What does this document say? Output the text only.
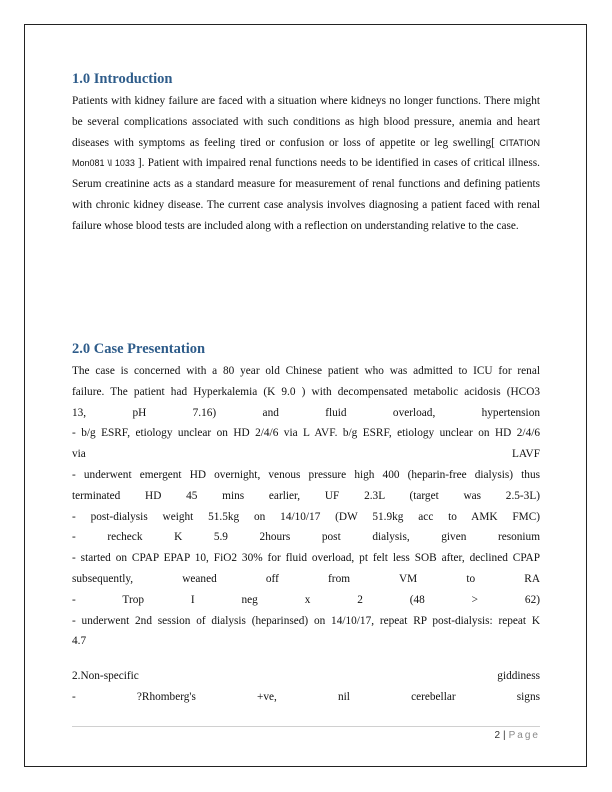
1.0 Introduction

Patients with kidney failure are faced with a situation where kidneys no longer functions. There might be several complications associated with such conditions as high blood pressure, anemia and heart diseases with symptoms as feeling tired or confusion or loss of appetite or leg swelling[ CITATION Mon081 \l 1033 ]. Patient with impaired renal functions needs to be identified in cases of critical illness. Serum creatinine acts as a standard measure for measurement of renal functions and defining patients with chronic kidney disease. The current case analysis involves diagnosing a patient faced with renal failure whose blood tests are included along with a reflection on understanding relative to the case.

2.0 Case Presentation
The case is concerned with a 80 year old Chinese patient who was admitted to ICU for renal
failure. The patient had Hyperkalemia (K 9.0 ) with decompensated metabolic acidosis (HCO3
13, pH 7.16) and fluid overload, hypertension
- b/g ESRF, etiology unclear on HD 2/4/6 via L AVF. b/g ESRF, etiology unclear on HD 2/4/6
via	LAVF
- underwent emergent HD overnight, venous pressure high 400 (heparin-free dialysis) thus
terminated HD 45 mins earlier, UF 2.3L (target was 2.5-3L)
- post-dialysis weight 51.5kg on 14/10/17 (DW 51.9kg acc to AMK FMC)
- recheck K 5.9 2hours post dialysis, given resonium
- started on CPAP EPAP 10, FiO2 30% for fluid overload, pt felt less SOB after, declined CPAP
subsequently, weaned off from VM to RA
- Trop I neg x 2 (48 > 62)
- underwent 2nd session of dialysis (heparinsed) on 14/10/17, repeat RP post-dialysis: repeat K
4.7
2.Non-specific giddiness
- ?Rhomberg's +ve, nil cerebellar signs
2 | Page
